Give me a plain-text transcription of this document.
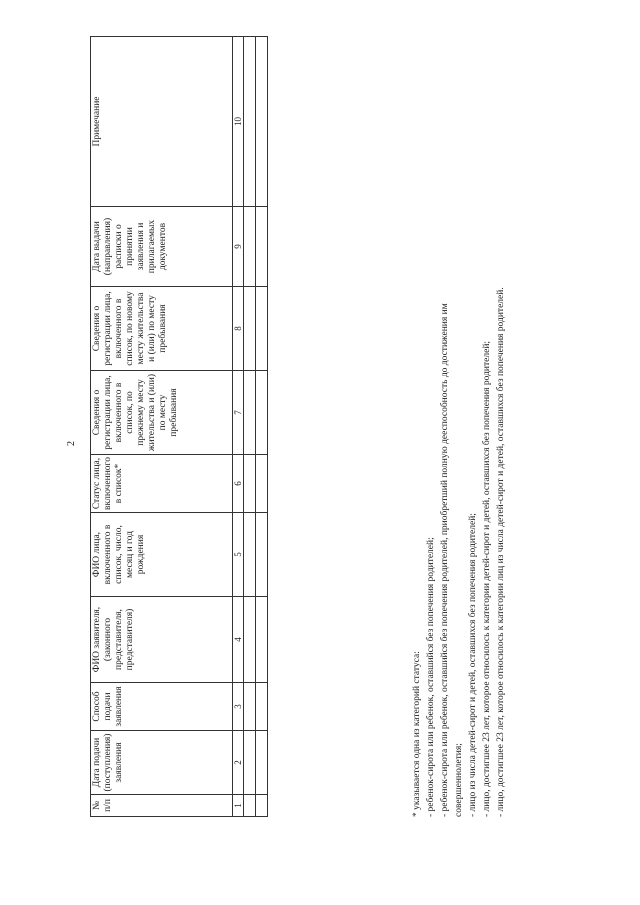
2
№ п/п	Дата подачи (поступления) заявления	Способ подачи заявления	ФИО заявителя, (законного представителя, представителя)	ФИО лица, включенного в список, число, месяц и год рождения	Статус лица, включенного в список*	Сведения о регистрации лица, включенного в список, по прежнему месту жительства и (или) по месту пребывания	Сведения о регистрации лица, включенного в список, по новому месту жительства и (или) по месту пребывания	Дата выдачи (направления) расписки о принятии заявления и прилагаемых документов	Примечание
1	2	3	4	5	6	7	8	9	10

* указывается одна из категорий статуса: - ребенок-сирота или ребенок, оставшийся без попечения родителей; - ребенок-сирота или ребенок, оставшийся без попечения родителей, приобретший полную дееспособность до достижения им совершеннолетия; - лицо из числа детей-сирот и детей, оставшихся без попечения родителей; - лицо, достигшее 23 лет, которое относилось к категории детей-сирот и детей, оставшихся без попечения родителей; - лицо, достигшее 23 лет, которое относилось к категории лиц из числа детей-сирот и детей, оставшихся без попечения родителей.
